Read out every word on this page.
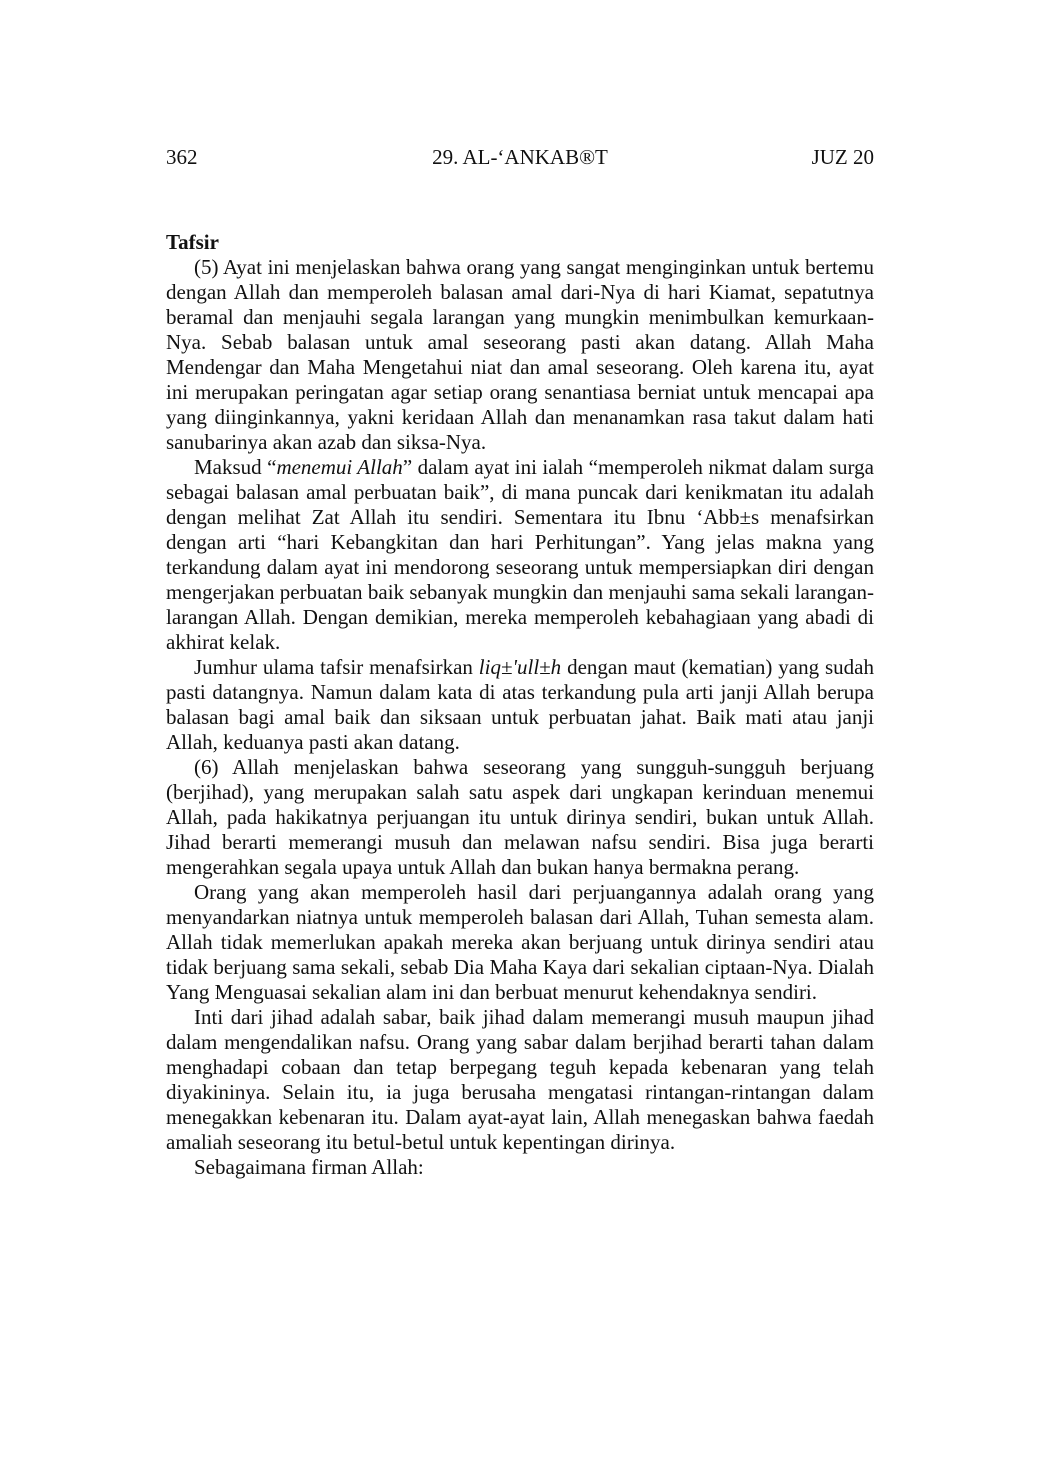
362	29. AL-‘ANKAB®T	JUZ 20
Tafsir

(5) Ayat ini menjelaskan bahwa orang yang sangat menginginkan untuk bertemu dengan Allah dan memperoleh balasan amal dari-Nya di hari Kiamat, sepatutnya beramal dan menjauhi segala larangan yang mungkin menimbulkan kemurkaan-Nya. Sebab balasan untuk amal seseorang pasti akan datang. Allah Maha Mendengar dan Maha Mengetahui niat dan amal seseorang. Oleh karena itu, ayat ini merupakan peringatan agar setiap orang senantiasa berniat untuk mencapai apa yang diinginkannya, yakni keridaan Allah dan menanamkan rasa takut dalam hati sanubarinya akan azab dan siksa-Nya.

Maksud “menemui Allah” dalam ayat ini ialah “memperoleh nikmat dalam surga sebagai balasan amal perbuatan baik”, di mana puncak dari kenikmatan itu adalah dengan melihat Zat Allah itu sendiri. Sementara itu Ibnu ‘Abb±s menafsirkan dengan arti “hari Kebangkitan dan hari Perhitungan”. Yang jelas makna yang terkandung dalam ayat ini mendorong seseorang untuk mempersiapkan diri dengan mengerjakan perbuatan baik sebanyak mungkin dan menjauhi sama sekali larangan-larangan Allah. Dengan demikian, mereka memperoleh kebahagiaan yang abadi di akhirat kelak.

Jumhur ulama tafsir menafsirkan liq±'ull±h dengan maut (kematian) yang sudah pasti datangnya. Namun dalam kata di atas terkandung pula arti janji Allah berupa balasan bagi amal baik dan siksaan untuk perbuatan jahat. Baik mati atau janji Allah, keduanya pasti akan datang.

(6) Allah menjelaskan bahwa seseorang yang sungguh-sungguh berjuang (berjihad), yang merupakan salah satu aspek dari ungkapan kerinduan menemui Allah, pada hakikatnya perjuangan itu untuk dirinya sendiri, bukan untuk Allah. Jihad berarti memerangi musuh dan melawan nafsu sendiri. Bisa juga berarti mengerahkan segala upaya untuk Allah dan bukan hanya bermakna perang.

Orang yang akan memperoleh hasil dari perjuangannya adalah orang yang menyandarkan niatnya untuk memperoleh balasan dari Allah, Tuhan semesta alam. Allah tidak memerlukan apakah mereka akan berjuang untuk dirinya sendiri atau tidak berjuang sama sekali, sebab Dia Maha Kaya dari sekalian ciptaan-Nya. Dialah Yang Menguasai sekalian alam ini dan berbuat menurut kehendaknya sendiri.

Inti dari jihad adalah sabar, baik jihad dalam memerangi musuh maupun jihad dalam mengendalikan nafsu. Orang yang sabar dalam berjihad berarti tahan dalam menghadapi cobaan dan tetap berpegang teguh kepada kebenaran yang telah diyakininya. Selain itu, ia juga berusaha mengatasi rintangan-rintangan dalam menegakkan kebenaran itu. Dalam ayat-ayat lain, Allah menegaskan bahwa faedah amaliah seseorang itu betul-betul untuk kepentingan dirinya.

Sebagaimana firman Allah:
